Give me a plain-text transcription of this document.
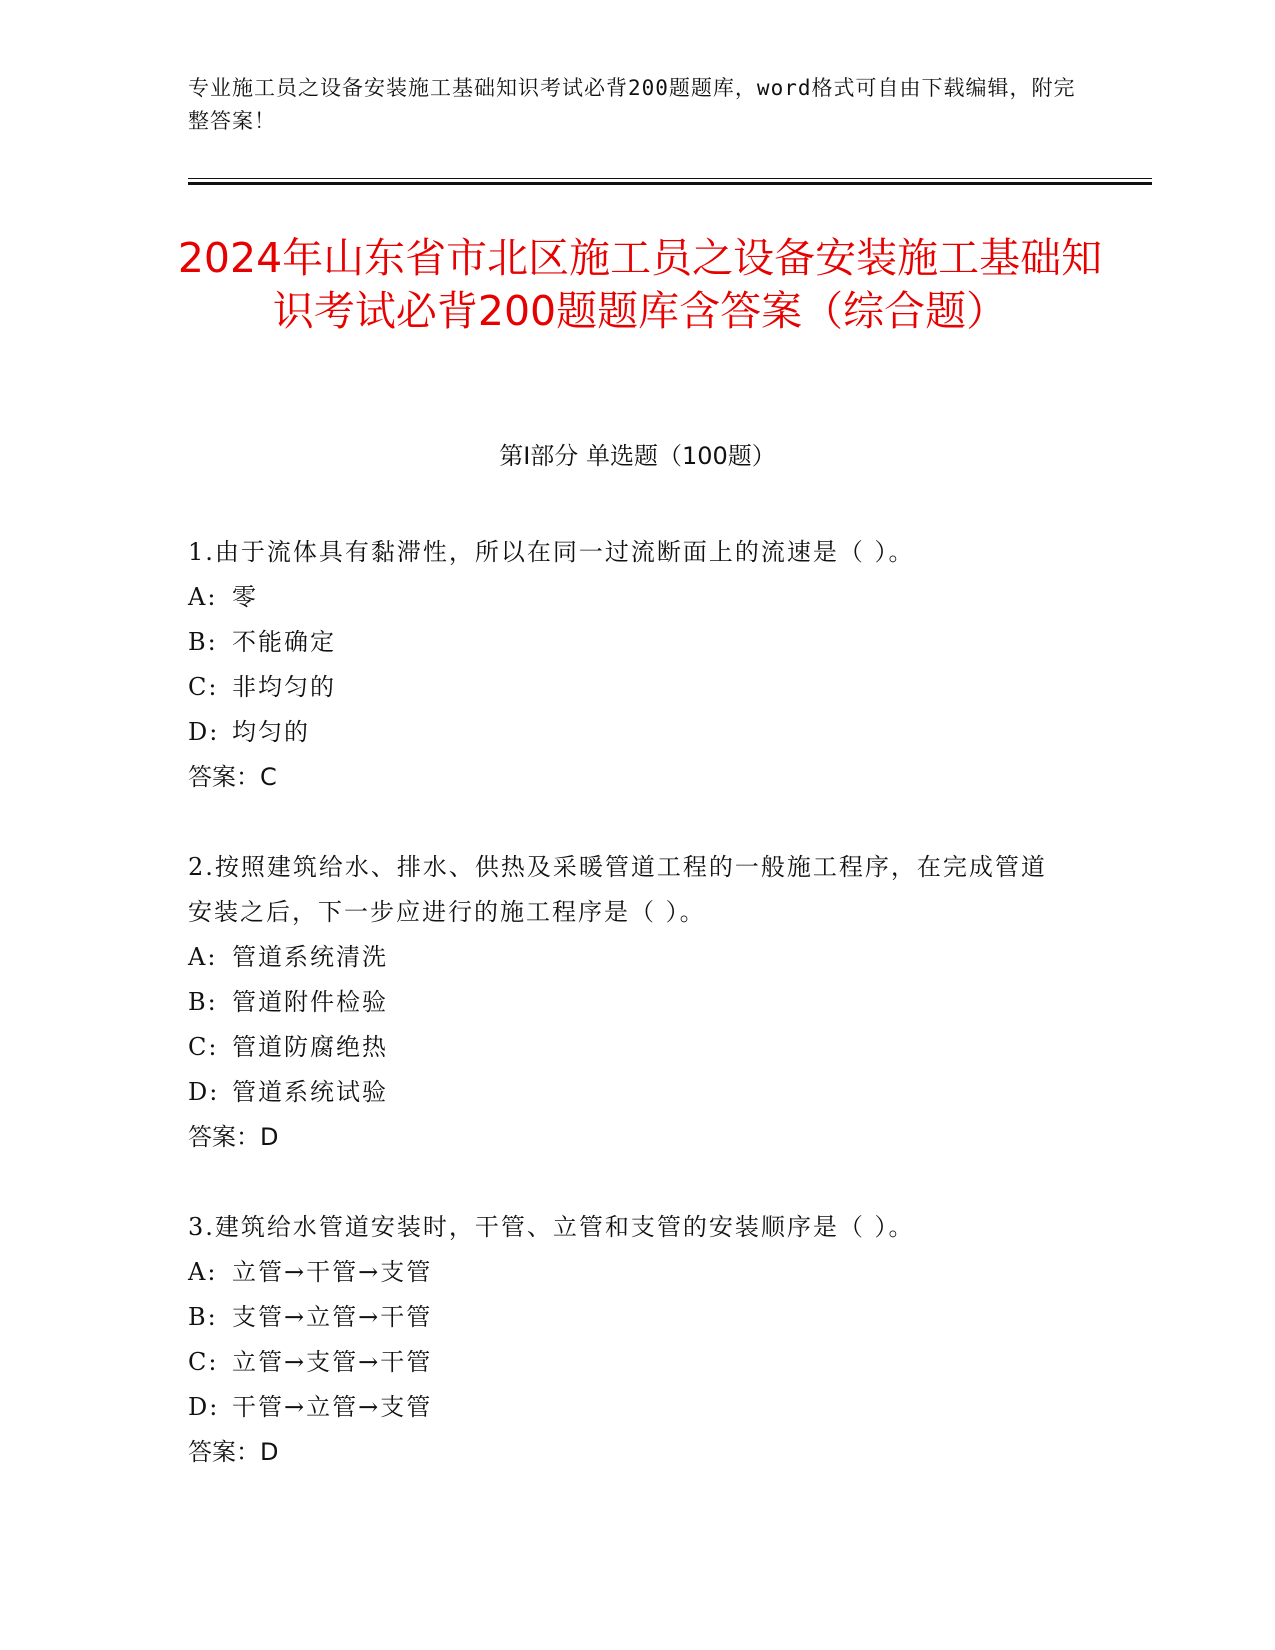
专业施工员之设备安装施工基础知识考试必背200题题库，word格式可自由下载编辑，附完整答案！
2024年山东省市北区施工员之设备安装施工基础知识考试必背200题题库含答案（综合题）
第Ⅰ部分 单选题（100题）
1.由于流体具有黏滞性，所以在同一过流断面上的流速是（ ）。
A: 零
B: 不能确定
C: 非均匀的
D: 均匀的
答案：C
2.按照建筑给水、排水、供热及采暖管道工程的一般施工程序，在完成管道安装之后，下一步应进行的施工程序是（ ）。
A: 管道系统清洗
B: 管道附件检验
C: 管道防腐绝热
D: 管道系统试验
答案：D
3.建筑给水管道安装时，干管、立管和支管的安装顺序是（ ）。
A: 立管→干管→支管
B: 支管→立管→干管
C: 立管→支管→干管
D: 干管→立管→支管
答案：D
